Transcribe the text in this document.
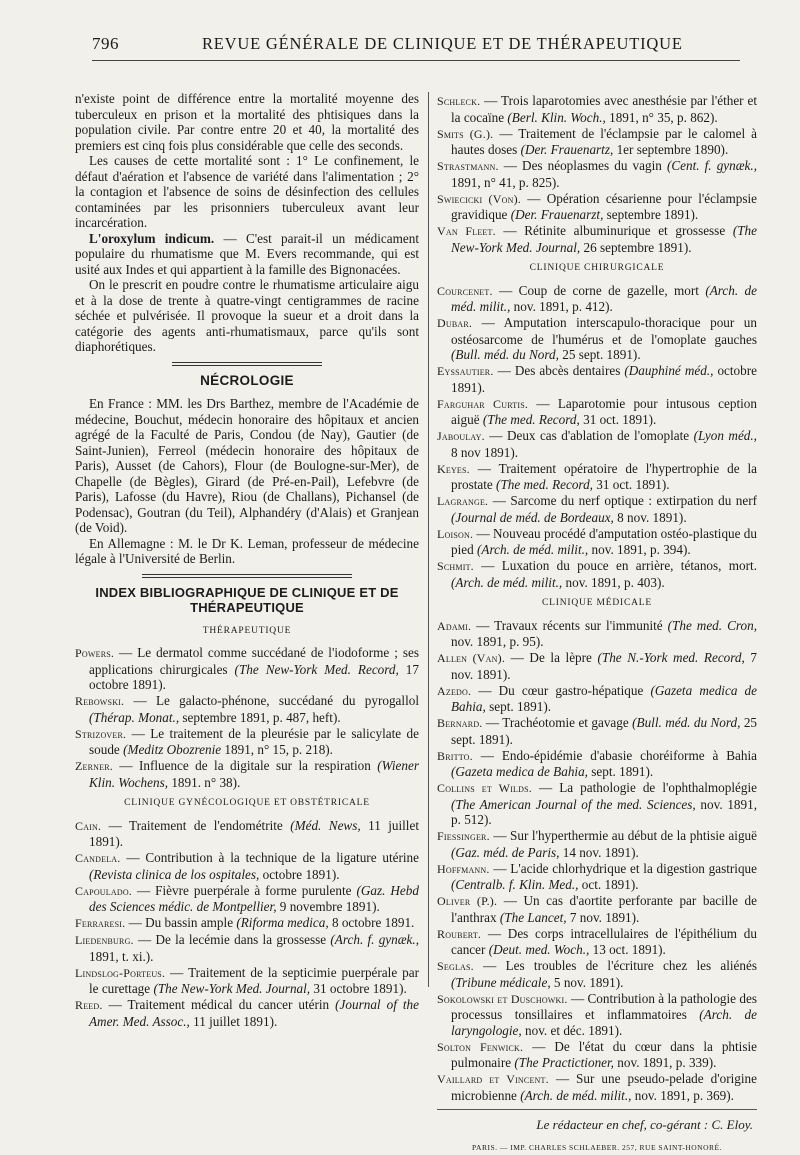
796	REVUE GÉNÉRALE DE CLINIQUE ET DE THÉRAPEUTIQUE

n'existe point de différence entre la mortalité moyenne des tuberculeux en prison et la mortalité des phtisiques dans la population civile. Par contre entre 20 et 40, la mortalité des premiers est cinq fois plus considérable que celle des seconds.

Les causes de cette mortalité sont : 1° Le confinement, le défaut d'aération et l'absence de variété dans l'alimentation ; 2° la contagion et l'absence de soins de désinfection des cellules contaminées par les prisonniers tuberculeux avant leur incarcération.

L'oroxylum indicum. — C'est parait-il un médicament populaire du rhumatisme que M. Evers recommande, qui est usité aux Indes et qui appartient à la famille des Bignonacées.

On le prescrit en poudre contre le rhumatisme articulaire aigu et à la dose de trente à quatre-vingt centigrammes de racine séchée et pulvérisée. Il provoque la sueur et a droit dans la catégorie des agents anti-rhumatismaux, parce qu'ils sont diaphorétiques.

NÉCROLOGIE

En France : MM. les Drs Barthez, membre de l'Académie de médecine, Bouchut, médecin honoraire des hôpitaux et ancien agrégé de la Faculté de Paris, Condou (de Nay), Gautier (de Saint-Junien), Ferreol (médecin honoraire des hôpitaux de Paris), Ausset (de Cahors), Flour (de Boulogne-sur-Mer), de Chapelle (de Bègles), Girard (de Pré-en-Pail), Lefebvre (de Paris), Lafosse (du Havre), Riou (de Challans), Pichansel (de Podensac), Goutran (du Teil), Alphandéry (d'Alais) et Granjean (de Void).

En Allemagne : M. le Dr K. Leman, professeur de médecine légale à l'Université de Berlin.

INDEX BIBLIOGRAPHIQUE DE CLINIQUE ET DE THÉRAPEUTIQUE
THÉRAPEUTIQUE

Powers. — Le dermatol comme succédané de l'iodoforme ; ses applications chirurgicales (The New-York Med. Record, 17 octobre 1891).

Rebowski. — Le galacto-phénone, succédané du pyrogallol (Thérap. Monat., septembre 1891, p. 487, heft).

Strizover. — Le traitement de la pleurésie par le salicylate de soude (Meditz Obozrenie 1891, n° 15, p. 218).

Zerner. — Influence de la digitale sur la respiration (Wiener Klin. Wochens, 1891. n° 38).

CLINIQUE GYNÉCOLOGIQUE ET OBSTÉTRICALE

Cain. — Traitement de l'endométrite (Méd. News, 11 juillet 1891).

Candela. — Contribution à la technique de la ligature utérine (Revista clinica de los ospitales, octobre 1891).

Capoulado. — Fièvre puerpérale à forme purulente (Gaz. Hebd des Sciences médic. de Montpellier, 9 novembre 1891).

Ferraresi. — Du bassin ample (Riforma medica, 8 octobre 1891.

Liedenburg. — De la lecémie dans la grossesse (Arch. f. gynæk., 1891, t. xi.).

Lindslog-Porteus. — Traitement de la septicimie puerpérale par le curettage (The New-York Med. Journal, 31 octobre 1891).

Reed. — Traitement médical du cancer utérin (Journal of the Amer. Med. Assoc., 11 juillet 1891).

Schleck. — Trois laparotomies avec anesthésie par l'éther et la cocaïne (Berl. Klin. Woch., 1891, n° 35, p. 862).

Smits (G.). — Traitement de l'éclampsie par le calomel à hautes doses (Der. Frauenartz, 1er septembre 1890).

Strastmann. — Des néoplasmes du vagin (Cent. f. gynæk., 1891, n° 41, p. 825).

Swiecicki (Von). — Opération césarienne pour l'éclampsie gravidique (Der. Frauenarzt, septembre 1891).

Van Fleet. — Rétinite albuminurique et grossesse (The New-York Med. Journal, 26 septembre 1891).

CLINIQUE CHIRURGICALE

Courcenet. — Coup de corne de gazelle, mort (Arch. de méd. milit., nov. 1891, p. 412).

Dubar. — Amputation interscapulo-thoracique pour un ostéosarcome de l'humérus et de l'omoplate gauches (Bull. méd. du Nord, 25 sept. 1891).

Eyssautier. — Des abcès dentaires (Dauphiné méd., octobre 1891).

Farguhar Curtis. — Laparotomie pour intusous ception aiguë (The med. Record, 31 oct. 1891).

Jaboulay. — Deux cas d'ablation de l'omoplate (Lyon méd., 8 nov 1891).

Keyes. — Traitement opératoire de l'hypertrophie de la prostate (The med. Record, 31 oct. 1891).

Lagrange. — Sarcome du nerf optique : extirpation du nerf (Journal de méd. de Bordeaux, 8 nov. 1891).

Loison. — Nouveau procédé d'amputation ostéo-plastique du pied (Arch. de méd. milit., nov. 1891, p. 394).

Schmit. — Luxation du pouce en arrière, tétanos, mort. (Arch. de méd. milit., nov. 1891, p. 403).

CLINIQUE MÉDICALE

Adami. — Travaux récents sur l'immunité (The med. Cron, nov. 1891, p. 95).

Allen (Van). — De la lèpre (The N.-York med. Record, 7 nov. 1891).

Azedo. — Du cœur gastro-hépatique (Gazeta medica de Bahia, sept. 1891).

Bernard. — Trachéotomie et gavage (Bull. méd. du Nord, 25 sept. 1891).

Britto. — Endo-épidémie d'abasie choréiforme à Bahia (Gazeta medica de Bahia, sept. 1891).

Collins et Wilds. — La pathologie de l'ophthalmoplégie (The American Journal of the med. Sciences, nov. 1891, p. 512).

Fiessinger. — Sur l'hyperthermie au début de la phtisie aiguë (Gaz. méd. de Paris, 14 nov. 1891).

Hoffmann. — L'acide chlorhydrique et la digestion gastrique (Centralb. f. Klin. Med., oct. 1891).

Oliver (P.). — Un cas d'aortite perforante par bacille de l'anthrax (The Lancet, 7 nov. 1891).

Roubert. — Des corps intracellulaires de l'épithélium du cancer (Deut. med. Woch., 13 oct. 1891).

Seglas. — Les troubles de l'écriture chez les aliénés (Tribune médicale, 5 nov. 1891).

Sokolowski et Duschowki. — Contribution à la pathologie des processus tonsillaires et inflammatoires (Arch. de laryngologie, nov. et déc. 1891).

Solton Fenwick. — De l'état du cœur dans la phtisie pulmonaire (The Practictioner, nov. 1891, p. 339).

Vaillard et Vincent. — Sur une pseudo-pelade d'origine microbienne (Arch. de méd. milit., nov. 1891, p. 369).

Le rédacteur en chef, co-gérant : C. Eloy.
PARIS. — IMP. CHARLES SCHLAEBER. 257, RUE SAINT-HONORÉ.
